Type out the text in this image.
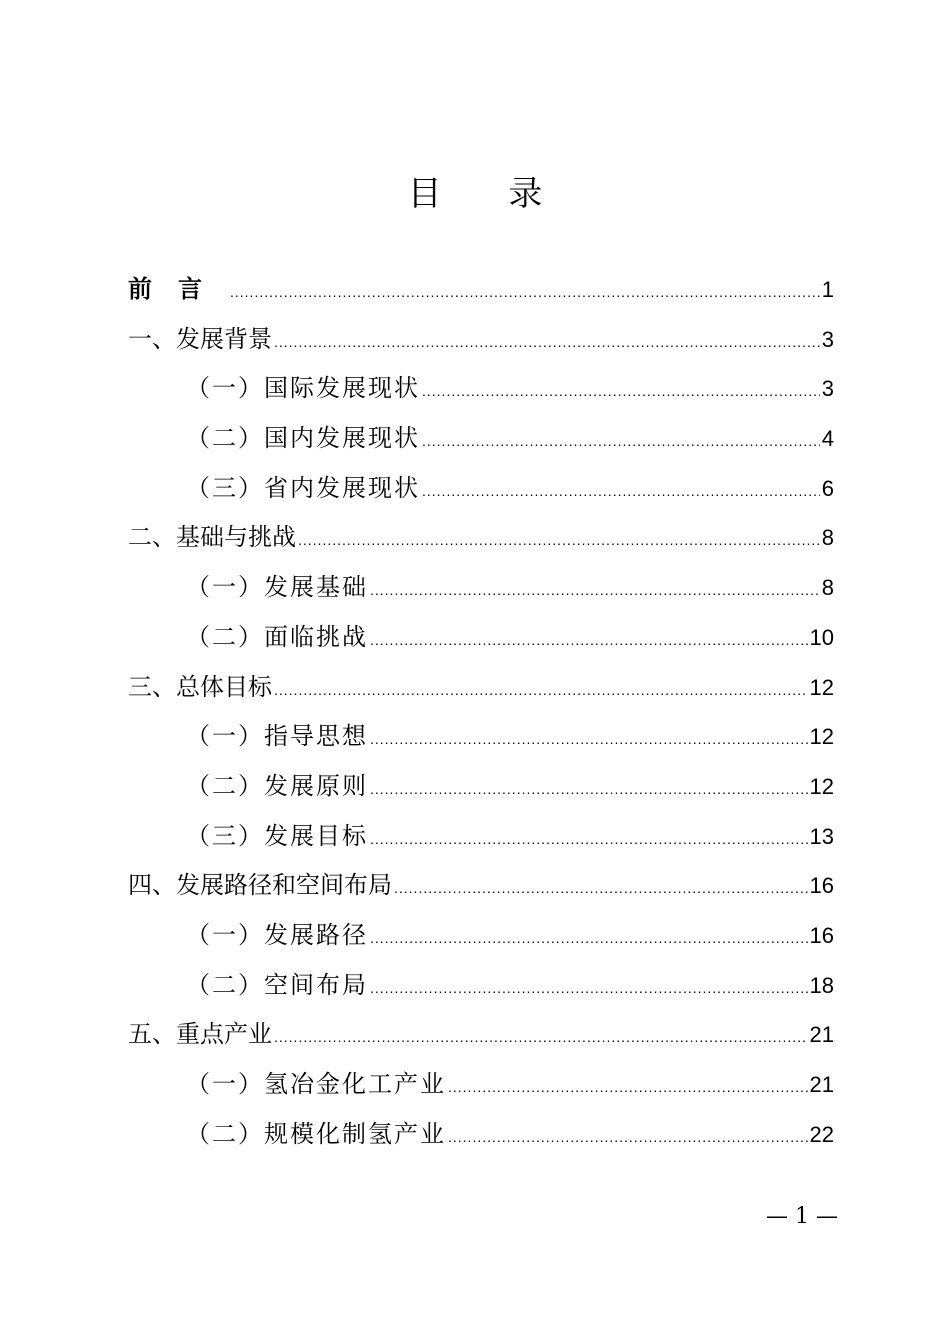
目 录
前言 .....	1
一、发展背景 .....	3
（一）国际发展现状 .....	3
（二）国内发展现状 .....	4
（三）省内发展现状 .....	6
二、基础与挑战 .....	8
（一）发展基础 .....	8
（二）面临挑战 .....	10
三、总体目标 .....	12
（一）指导思想 .....	12
（二）发展原则 .....	12
（三）发展目标 .....	13
四、发展路径和空间布局 .....	16
（一）发展路径 .....	16
（二）空间布局 .....	18
五、重点产业 .....	21
（一）氢冶金化工产业 .....	21
（二）规模化制氢产业 .....	22
— 1 —
